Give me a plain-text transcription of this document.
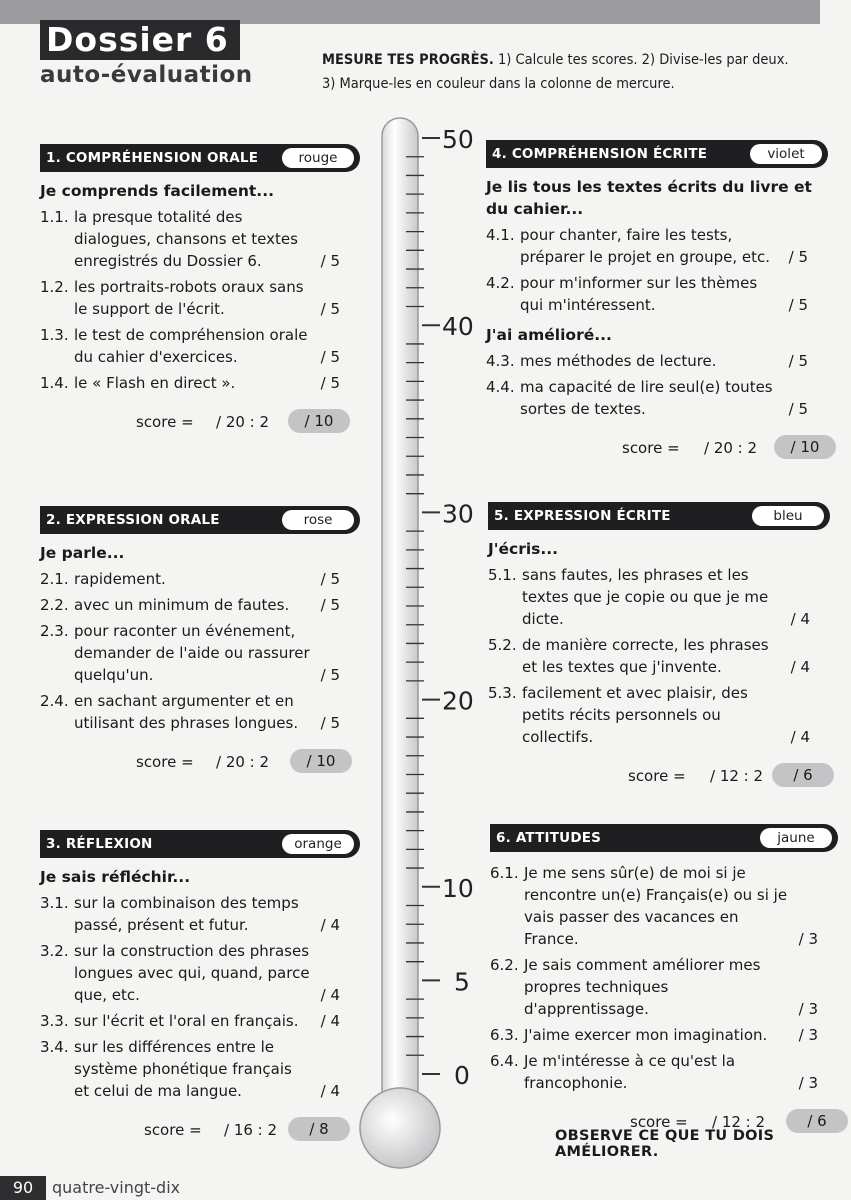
Dossier 6
auto-évaluation
MESURE TES PROGRÈS. 1) Calcule tes scores. 2) Divise-les par deux.
3) Marque-les en couleur dans la colonne de mercure.
1. COMPRÉHENSION ORALE	rouge
Je comprends facilement...
1.1. la presque totalité des dialogues, chansons et textes enregistrés du Dossier 6.	/ 5
1.2. les portraits-robots oraux sans le support de l'écrit.	/ 5
1.3. le test de compréhension orale du cahier d'exercices.	/ 5
1.4. le « Flash en direct ».	/ 5
score = / 20 : 2	/ 10
2. EXPRESSION ORALE	rose
Je parle...
2.1. rapidement.	/ 5
2.2. avec un minimum de fautes.	/ 5
2.3. pour raconter un événement, demander de l'aide ou rassurer quelqu'un.	/ 5
2.4. en sachant argumenter et en utilisant des phrases longues.	/ 5
score = / 20 : 2	/ 10
3. RÉFLEXION	orange
Je sais réfléchir...
3.1. sur la combinaison des temps passé, présent et futur.	/ 4
3.2. sur la construction des phrases longues avec qui, quand, parce que, etc.	/ 4
3.3. sur l'écrit et l'oral en français.	/ 4
3.4. sur les différences entre le système phonétique français et celui de ma langue.	/ 4
score = / 16 : 2	/ 8
4. COMPRÉHENSION ÉCRITE	violet
Je lis tous les textes écrits du livre et du cahier...
4.1. pour chanter, faire les tests, préparer le projet en groupe, etc.	/ 5
4.2. pour m'informer sur les thèmes qui m'intéressent.	/ 5
J'ai amélioré...
4.3. mes méthodes de lecture.	/ 5
4.4. ma capacité de lire seul(e) toutes sortes de textes.	/ 5
score = / 20 : 2	/ 10
5. EXPRESSION ÉCRITE	bleu
J'écris...
5.1. sans fautes, les phrases et les textes que je copie ou que je me dicte.	/ 4
5.2. de manière correcte, les phrases et les textes que j'invente.	/ 4
5.3. facilement et avec plaisir, des petits récits personnels ou collectifs.	/ 4
score = / 12 : 2	/ 6
6. ATTITUDES	jaune
6.1. Je me sens sûr(e) de moi si je rencontre un(e) Français(e) ou si je vais passer des vacances en France.	/ 3
6.2. Je sais comment améliorer mes propres techniques d'apprentissage.	/ 3
6.3. J'aime exercer mon imagination.	/ 3
6.4. Je m'intéresse à ce qu'est la francophonie.	/ 3
score = / 12 : 2	/ 6
50
40
30
20
10
5
0
OBSERVE CE QUE TU DOIS AMÉLIORER.
90	quatre-vingt-dix
